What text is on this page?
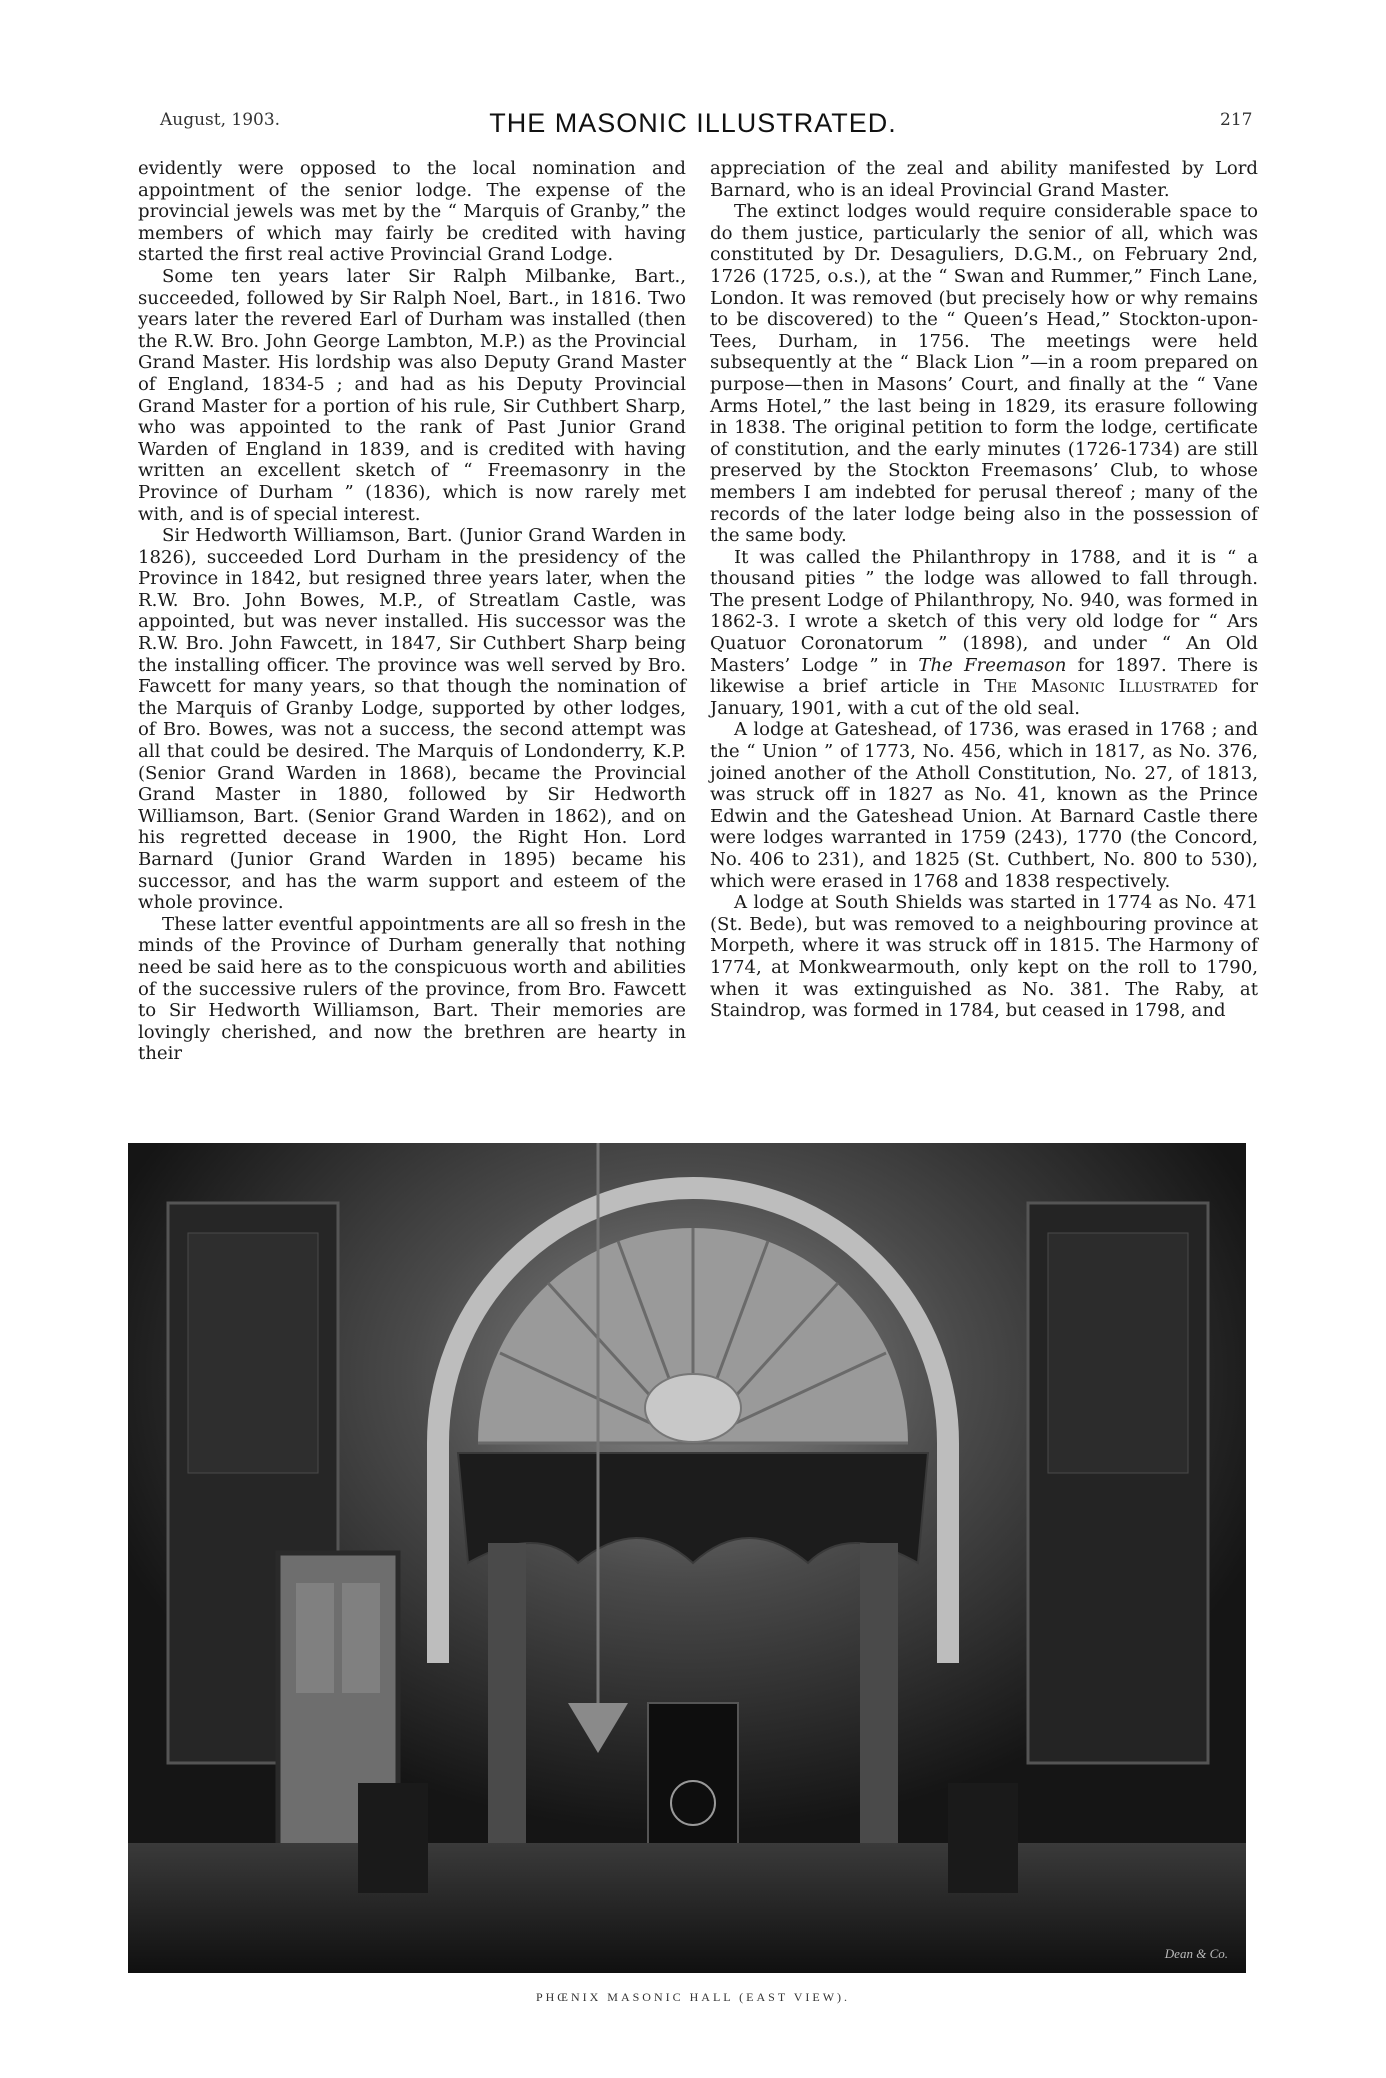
August, 1903.	THE MASONIC ILLUSTRATED.	217

evidently were opposed to the local nomination and appointment of the senior lodge. The expense of the provincial jewels was met by the “ Marquis of Granby,” the members of which may fairly be credited with having started the first real active Provincial Grand Lodge.

Some ten years later Sir Ralph Milbanke, Bart., succeeded, followed by Sir Ralph Noel, Bart., in 1816. Two years later the revered Earl of Durham was installed (then the R.W. Bro. John George Lambton, M.P.) as the Provincial Grand Master. His lordship was also Deputy Grand Master of England, 1834-5 ; and had as his Deputy Provincial Grand Master for a portion of his rule, Sir Cuthbert Sharp, who was appointed to the rank of Past Junior Grand Warden of England in 1839, and is credited with having written an excellent sketch of “ Freemasonry in the Province of Durham ” (1836), which is now rarely met with, and is of special interest.

Sir Hedworth Williamson, Bart. (Junior Grand Warden in 1826), succeeded Lord Durham in the presidency of the Province in 1842, but resigned three years later, when the R.W. Bro. John Bowes, M.P., of Streatlam Castle, was appointed, but was never installed. His successor was the R.W. Bro. John Fawcett, in 1847, Sir Cuthbert Sharp being the installing officer. The province was well served by Bro. Fawcett for many years, so that though the nomination of the Marquis of Granby Lodge, supported by other lodges, of Bro. Bowes, was not a success, the second attempt was all that could be desired. The Marquis of Londonderry, K.P. (Senior Grand Warden in 1868), became the Provincial Grand Master in 1880, followed by Sir Hedworth Williamson, Bart. (Senior Grand Warden in 1862), and on his regretted decease in 1900, the Right Hon. Lord Barnard (Junior Grand Warden in 1895) became his successor, and has the warm support and esteem of the whole province.

These latter eventful appointments are all so fresh in the minds of the Province of Durham generally that nothing need be said here as to the conspicuous worth and abilities of the successive rulers of the province, from Bro. Fawcett to Sir Hedworth Williamson, Bart. Their memories are lovingly cherished, and now the brethren are hearty in their

appreciation of the zeal and ability manifested by Lord Barnard, who is an ideal Provincial Grand Master.

The extinct lodges would require considerable space to do them justice, particularly the senior of all, which was constituted by Dr. Desaguliers, D.G.M., on February 2nd, 1726 (1725, o.s.), at the “ Swan and Rummer,” Finch Lane, London. It was removed (but precisely how or why remains to be discovered) to the “ Queen’s Head,” Stockton-upon-Tees, Durham, in 1756. The meetings were held subsequently at the “ Black Lion ”—in a room prepared on purpose—then in Masons’ Court, and finally at the “ Vane Arms Hotel,” the last being in 1829, its erasure following in 1838. The original petition to form the lodge, certificate of constitution, and the early minutes (1726-1734) are still preserved by the Stockton Freemasons’ Club, to whose members I am indebted for perusal thereof ; many of the records of the later lodge being also in the possession of the same body.

It was called the Philanthropy in 1788, and it is “ a thousand pities ” the lodge was allowed to fall through. The present Lodge of Philanthropy, No. 940, was formed in 1862-3. I wrote a sketch of this very old lodge for “ Ars Quatuor Coronatorum ” (1898), and under “ An Old Masters’ Lodge ” in The Freemason for 1897. There is likewise a brief article in The Masonic Illustrated for January, 1901, with a cut of the old seal.

A lodge at Gateshead, of 1736, was erased in 1768 ; and the “ Union ” of 1773, No. 456, which in 1817, as No. 376, joined another of the Atholl Constitution, No. 27, of 1813, was struck off in 1827 as No. 41, known as the Prince Edwin and the Gateshead Union. At Barnard Castle there were lodges warranted in 1759 (243), 1770 (the Concord, No. 406 to 231), and 1825 (St. Cuthbert, No. 800 to 530), which were erased in 1768 and 1838 respectively.

A lodge at South Shields was started in 1774 as No. 471 (St. Bede), but was removed to a neighbouring province at Morpeth, where it was struck off in 1815. The Harmony of 1774, at Monkwearmouth, only kept on the roll to 1790, when it was extinguished as No. 381. The Raby, at Staindrop, was formed in 1784, but ceased in 1798, and

Dean & Co.
PHŒNIX MASONIC HALL (EAST VIEW).
